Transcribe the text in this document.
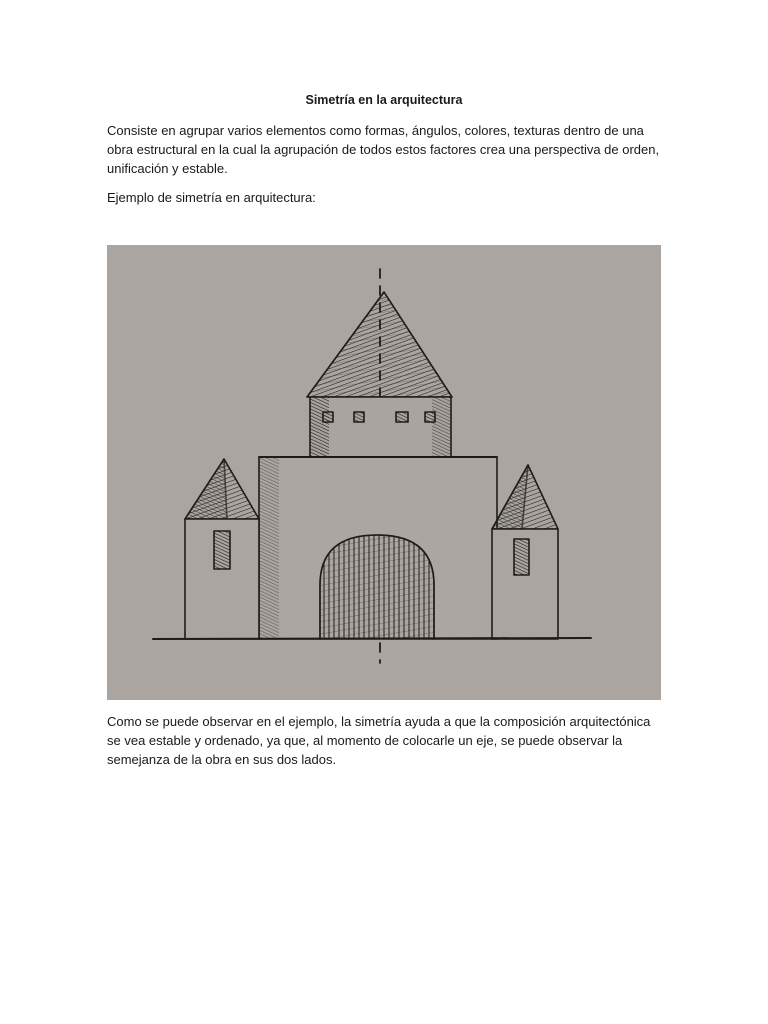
Simetría en la arquitectura

Consiste en agrupar varios elementos como formas, ángulos, colores, texturas dentro de una obra estructural en la cual la agrupación de todos estos factores crea una perspectiva de orden, unificación y estable.

Ejemplo de simetría en arquitectura:

Como se puede observar en el ejemplo, la simetría ayuda a que la composición arquitectónica se vea estable y ordenado, ya que, al momento de colocarle un eje, se puede observar la semejanza de la obra en sus dos lados.
